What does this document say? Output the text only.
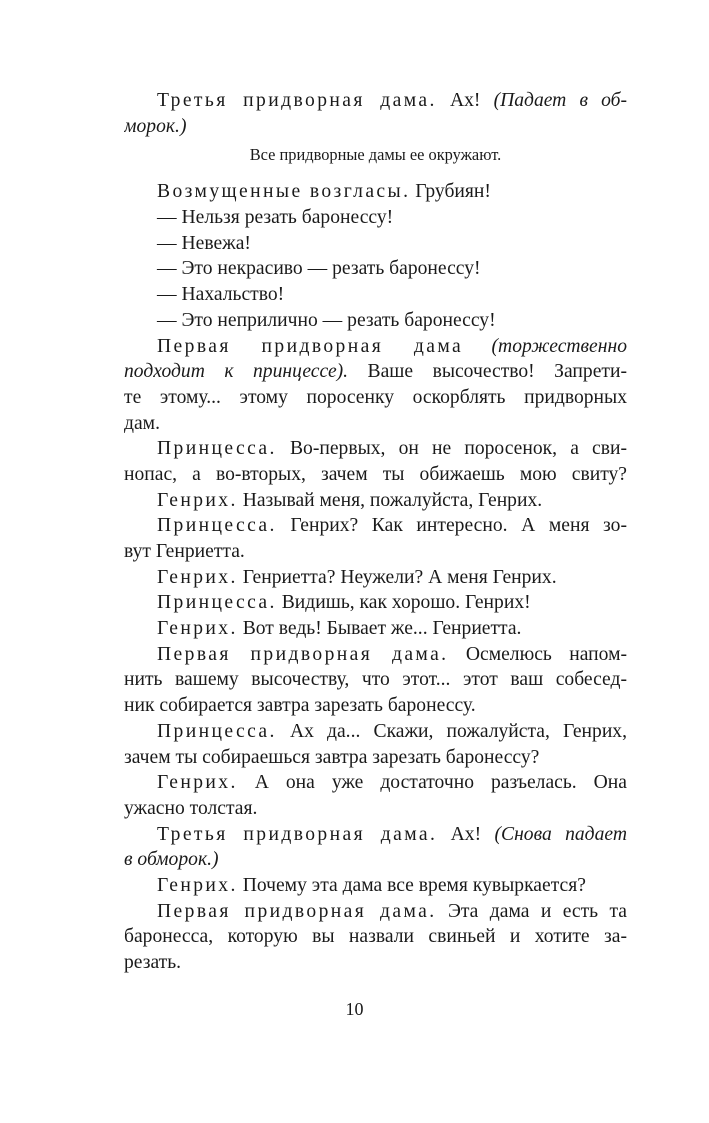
Третья придворная дама. Ах! (Падает в об-
морок.)
Все придворные дамы ее окружают.
Возмущенные возгласы. Грубиян!
— Нельзя резать баронессу!
— Невежа!
— Это некрасиво — резать баронессу!
— Нахальство!
— Это неприлично — резать баронессу!
Первая придворная дама (торжественно
подходит к принцессе). Ваше высочество! Запрети-
те этому... этому поросенку оскорблять придворных
дам.
Принцесса. Во-первых, он не поросенок, а сви-
нопас, а во-вторых, зачем ты обижаешь мою свиту?
Генрих. Называй меня, пожалуйста, Генрих.
Принцесса. Генрих? Как интересно. А меня зо-
вут Генриетта.
Генрих. Генриетта? Неужели? А меня Генрих.
Принцесса. Видишь, как хорошо. Генрих!
Генрих. Вот ведь! Бывает же... Генриетта.
Первая придворная дама. Осмелюсь напом-
нить вашему высочеству, что этот... этот ваш собесед-
ник собирается завтра зарезать баронессу.
Принцесса. Ах да... Скажи, пожалуйста, Генрих,
зачем ты собираешься завтра зарезать баронессу?
Генрих. А она уже достаточно разъелась. Она
ужасно толстая.
Третья придворная дама. Ах! (Снова падает
в обморок.)
Генрих. Почему эта дама все время кувыркается?
Первая придворная дама. Эта дама и есть та
баронесса, которую вы назвали свиньей и хотите за-
резать.
10
